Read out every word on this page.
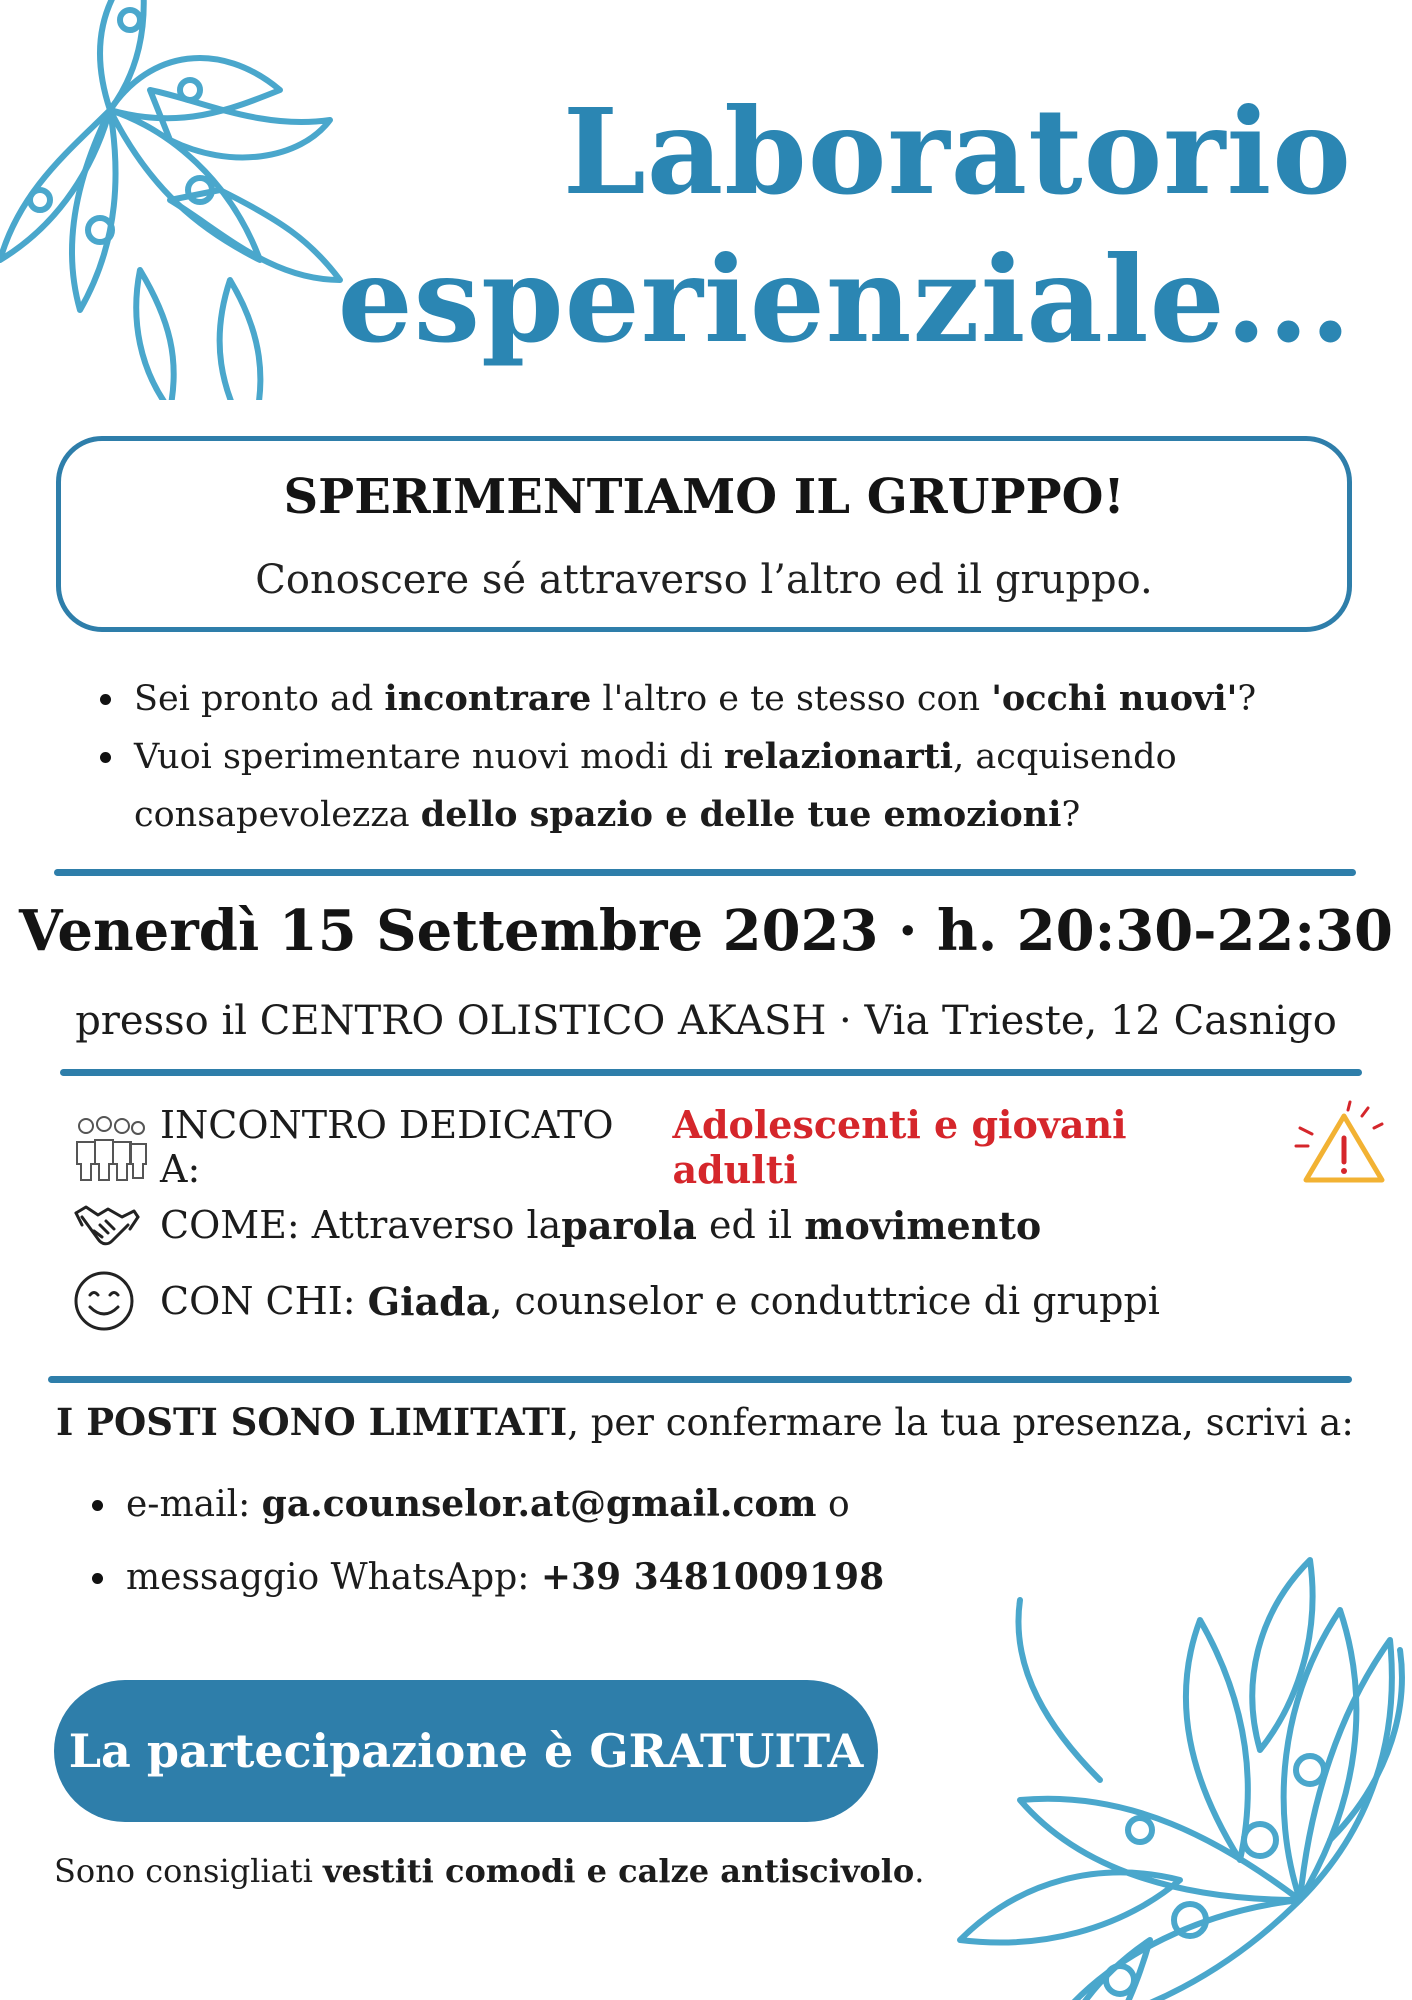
Laboratorio
esperienziale...
SPERIMENTIAMO IL GRUPPO!
Conoscere sé attraverso l’altro ed il gruppo.
Sei pronto ad incontrare l'altro e te stesso con 'occhi nuovi'?
Vuoi sperimentare nuovi modi di relazionarti, acquisendo consapevolezza dello spazio e delle tue emozioni?
Venerdì 15 Settembre 2023 · h. 20:30-22:30
presso il CENTRO OLISTICO AKASH · Via Trieste, 12 Casnigo
INCONTRO DEDICATO A:
Adolescenti e giovani adulti
COME: Attraverso la parola ed il movimento
CON CHI: Giada , counselor e conduttrice di gruppi
I POSTI SONO LIMITATI, per confermare la tua presenza, scrivi a:
e-mail: ga.counselor.at@gmail.com o
messaggio WhatsApp: +39 3481009198
La partecipazione è GRATUITA
Sono consigliati vestiti comodi e calze antiscivolo.
